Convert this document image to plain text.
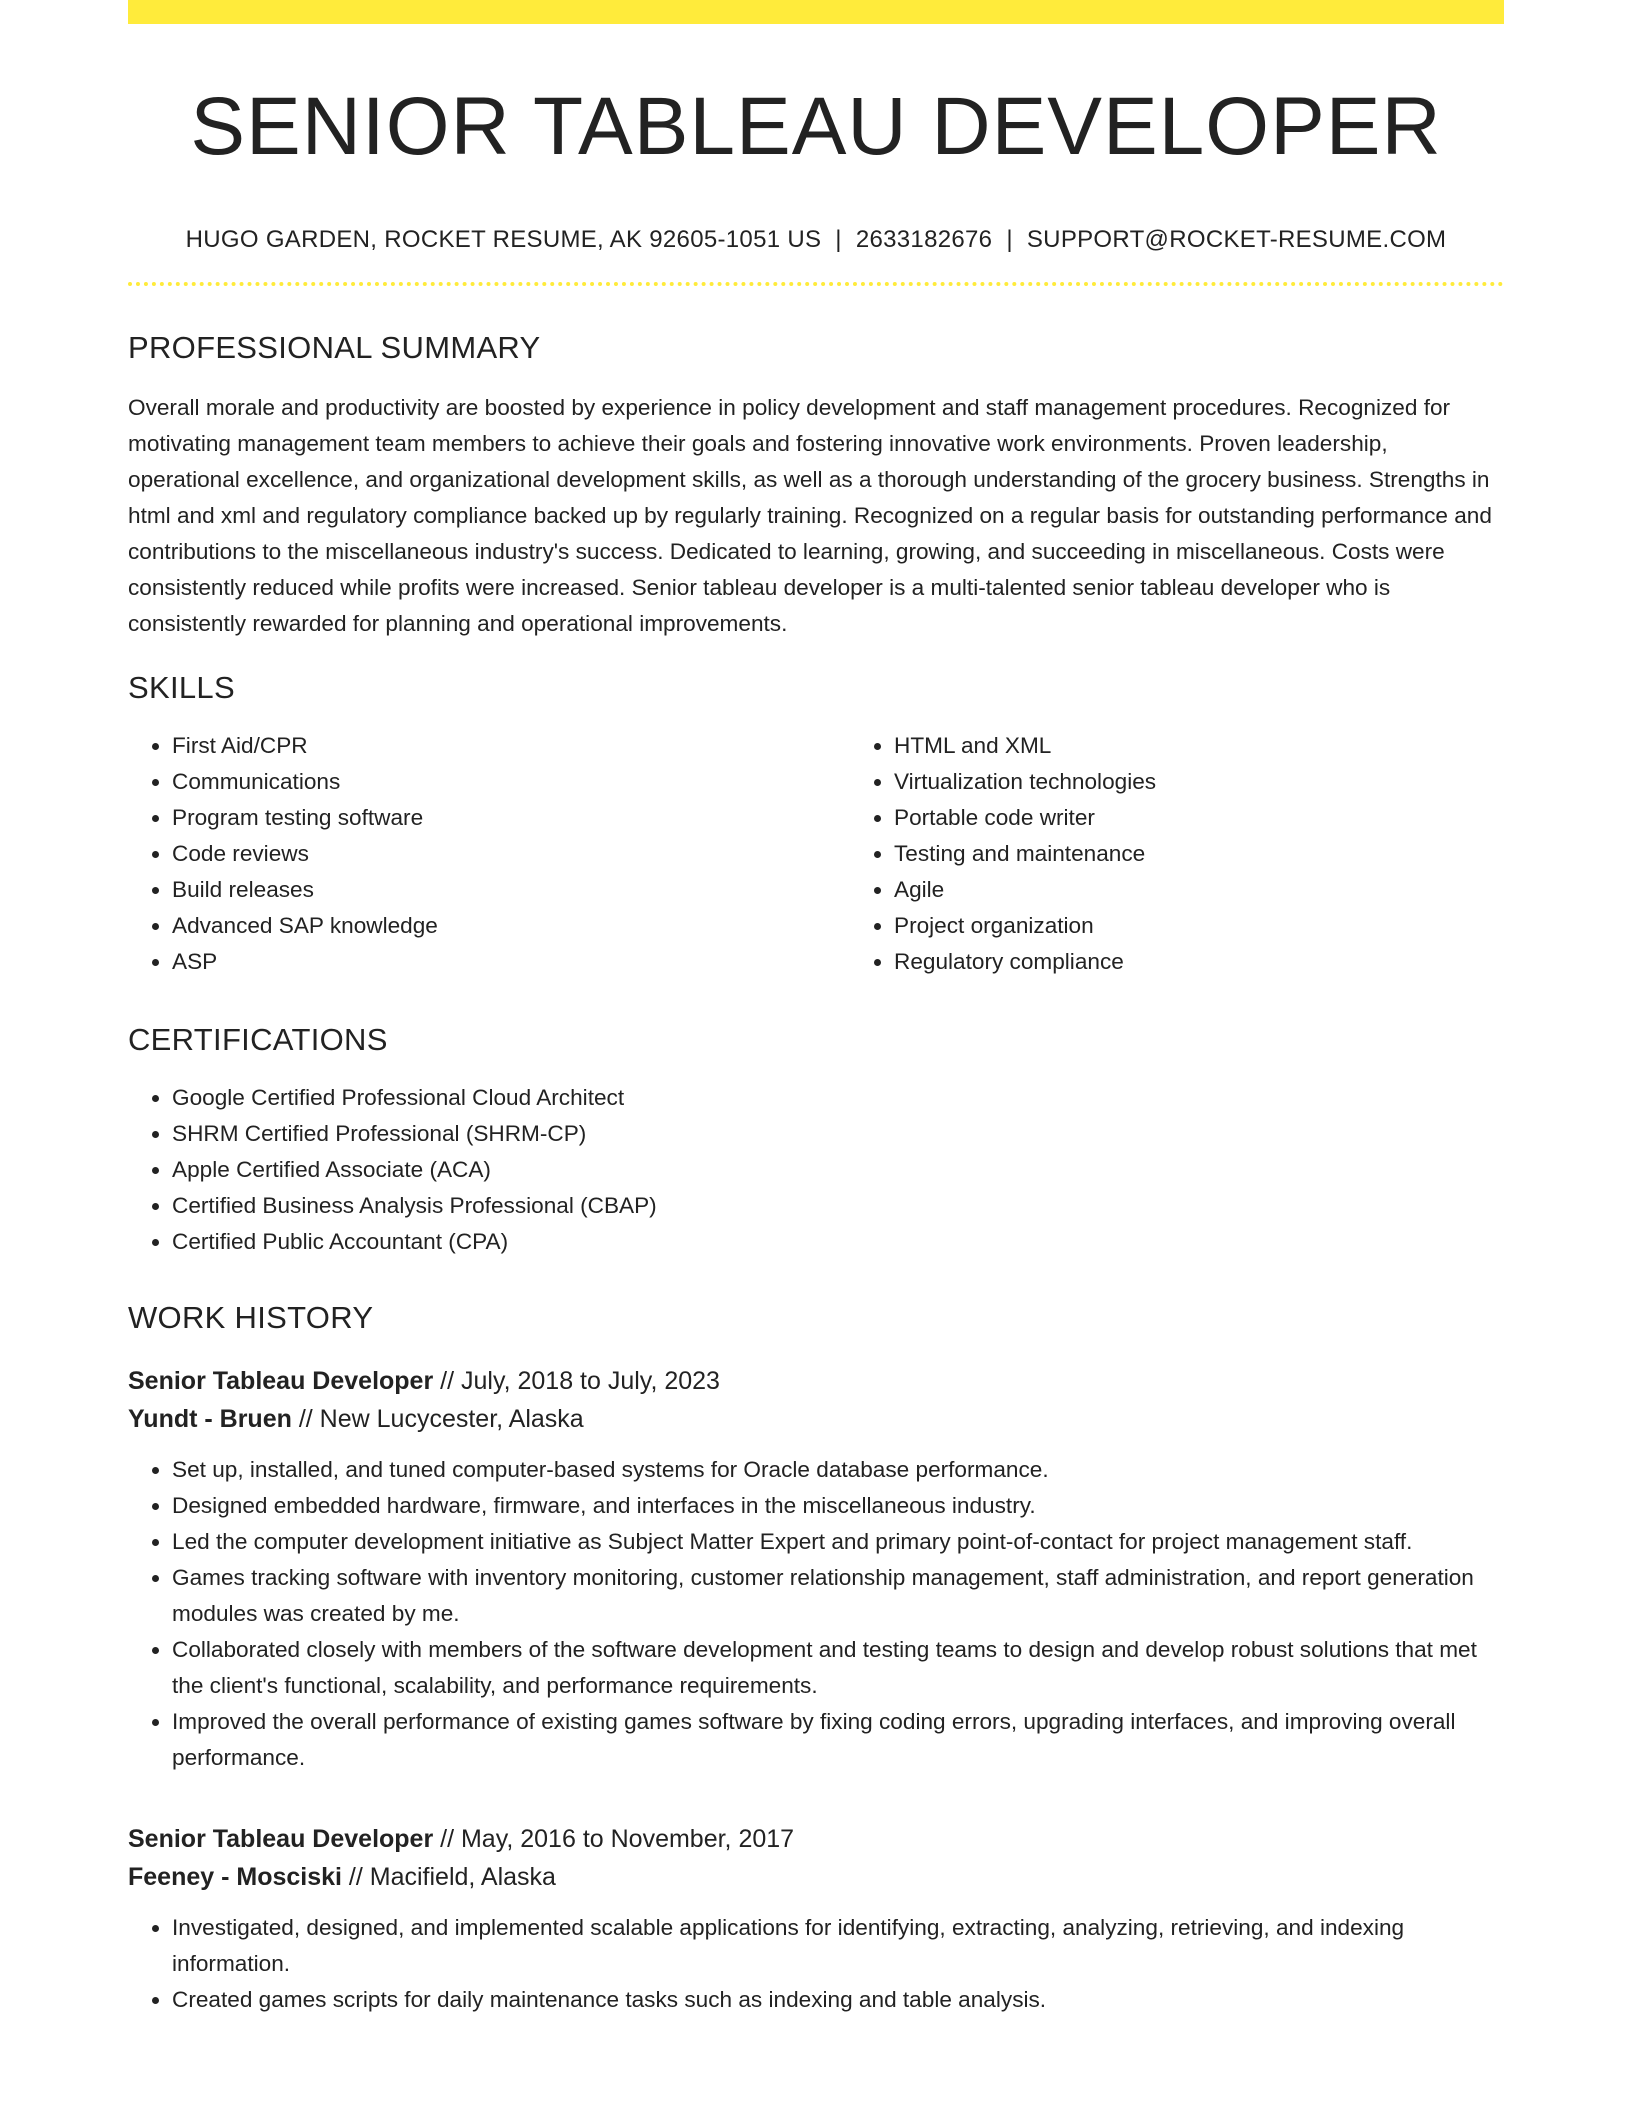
SENIOR TABLEAU DEVELOPER
HUGO GARDEN, ROCKET RESUME, AK 92605-1051 US | 2633182676 | SUPPORT@ROCKET-RESUME.COM
PROFESSIONAL SUMMARY

Overall morale and productivity are boosted by experience in policy development and staff management procedures. Recognized for motivating management team members to achieve their goals and fostering innovative work environments. Proven leadership, operational excellence, and organizational development skills, as well as a thorough understanding of the grocery business. Strengths in html and xml and regulatory compliance backed up by regularly training. Recognized on a regular basis for outstanding performance and contributions to the miscellaneous industry's success. Dedicated to learning, growing, and succeeding in miscellaneous. Costs were consistently reduced while profits were increased. Senior tableau developer is a multi-talented senior tableau developer who is consistently rewarded for planning and operational improvements.

SKILLS
• First Aid/CPR
• Communications
• Program testing software
• Code reviews
• Build releases
• Advanced SAP knowledge
• ASP
• HTML and XML
• Virtualization technologies
• Portable code writer
• Testing and maintenance
• Agile
• Project organization
• Regulatory compliance
CERTIFICATIONS
• Google Certified Professional Cloud Architect
• SHRM Certified Professional (SHRM-CP)
• Apple Certified Associate (ACA)
• Certified Business Analysis Professional (CBAP)
• Certified Public Accountant (CPA)
WORK HISTORY
Senior Tableau Developer // July, 2018 to July, 2023
Yundt - Bruen // New Lucycester, Alaska
• Set up, installed, and tuned computer-based systems for Oracle database performance.
• Designed embedded hardware, firmware, and interfaces in the miscellaneous industry.
• Led the computer development initiative as Subject Matter Expert and primary point-of-contact for project management staff.
• Games tracking software with inventory monitoring, customer relationship management, staff administration, and report generation modules was created by me.
• Collaborated closely with members of the software development and testing teams to design and develop robust solutions that met the client's functional, scalability, and performance requirements.
• Improved the overall performance of existing games software by fixing coding errors, upgrading interfaces, and improving overall performance.
Senior Tableau Developer // May, 2016 to November, 2017
Feeney - Mosciski // Macifield, Alaska
• Investigated, designed, and implemented scalable applications for identifying, extracting, analyzing, retrieving, and indexing information.
• Created games scripts for daily maintenance tasks such as indexing and table analysis.
